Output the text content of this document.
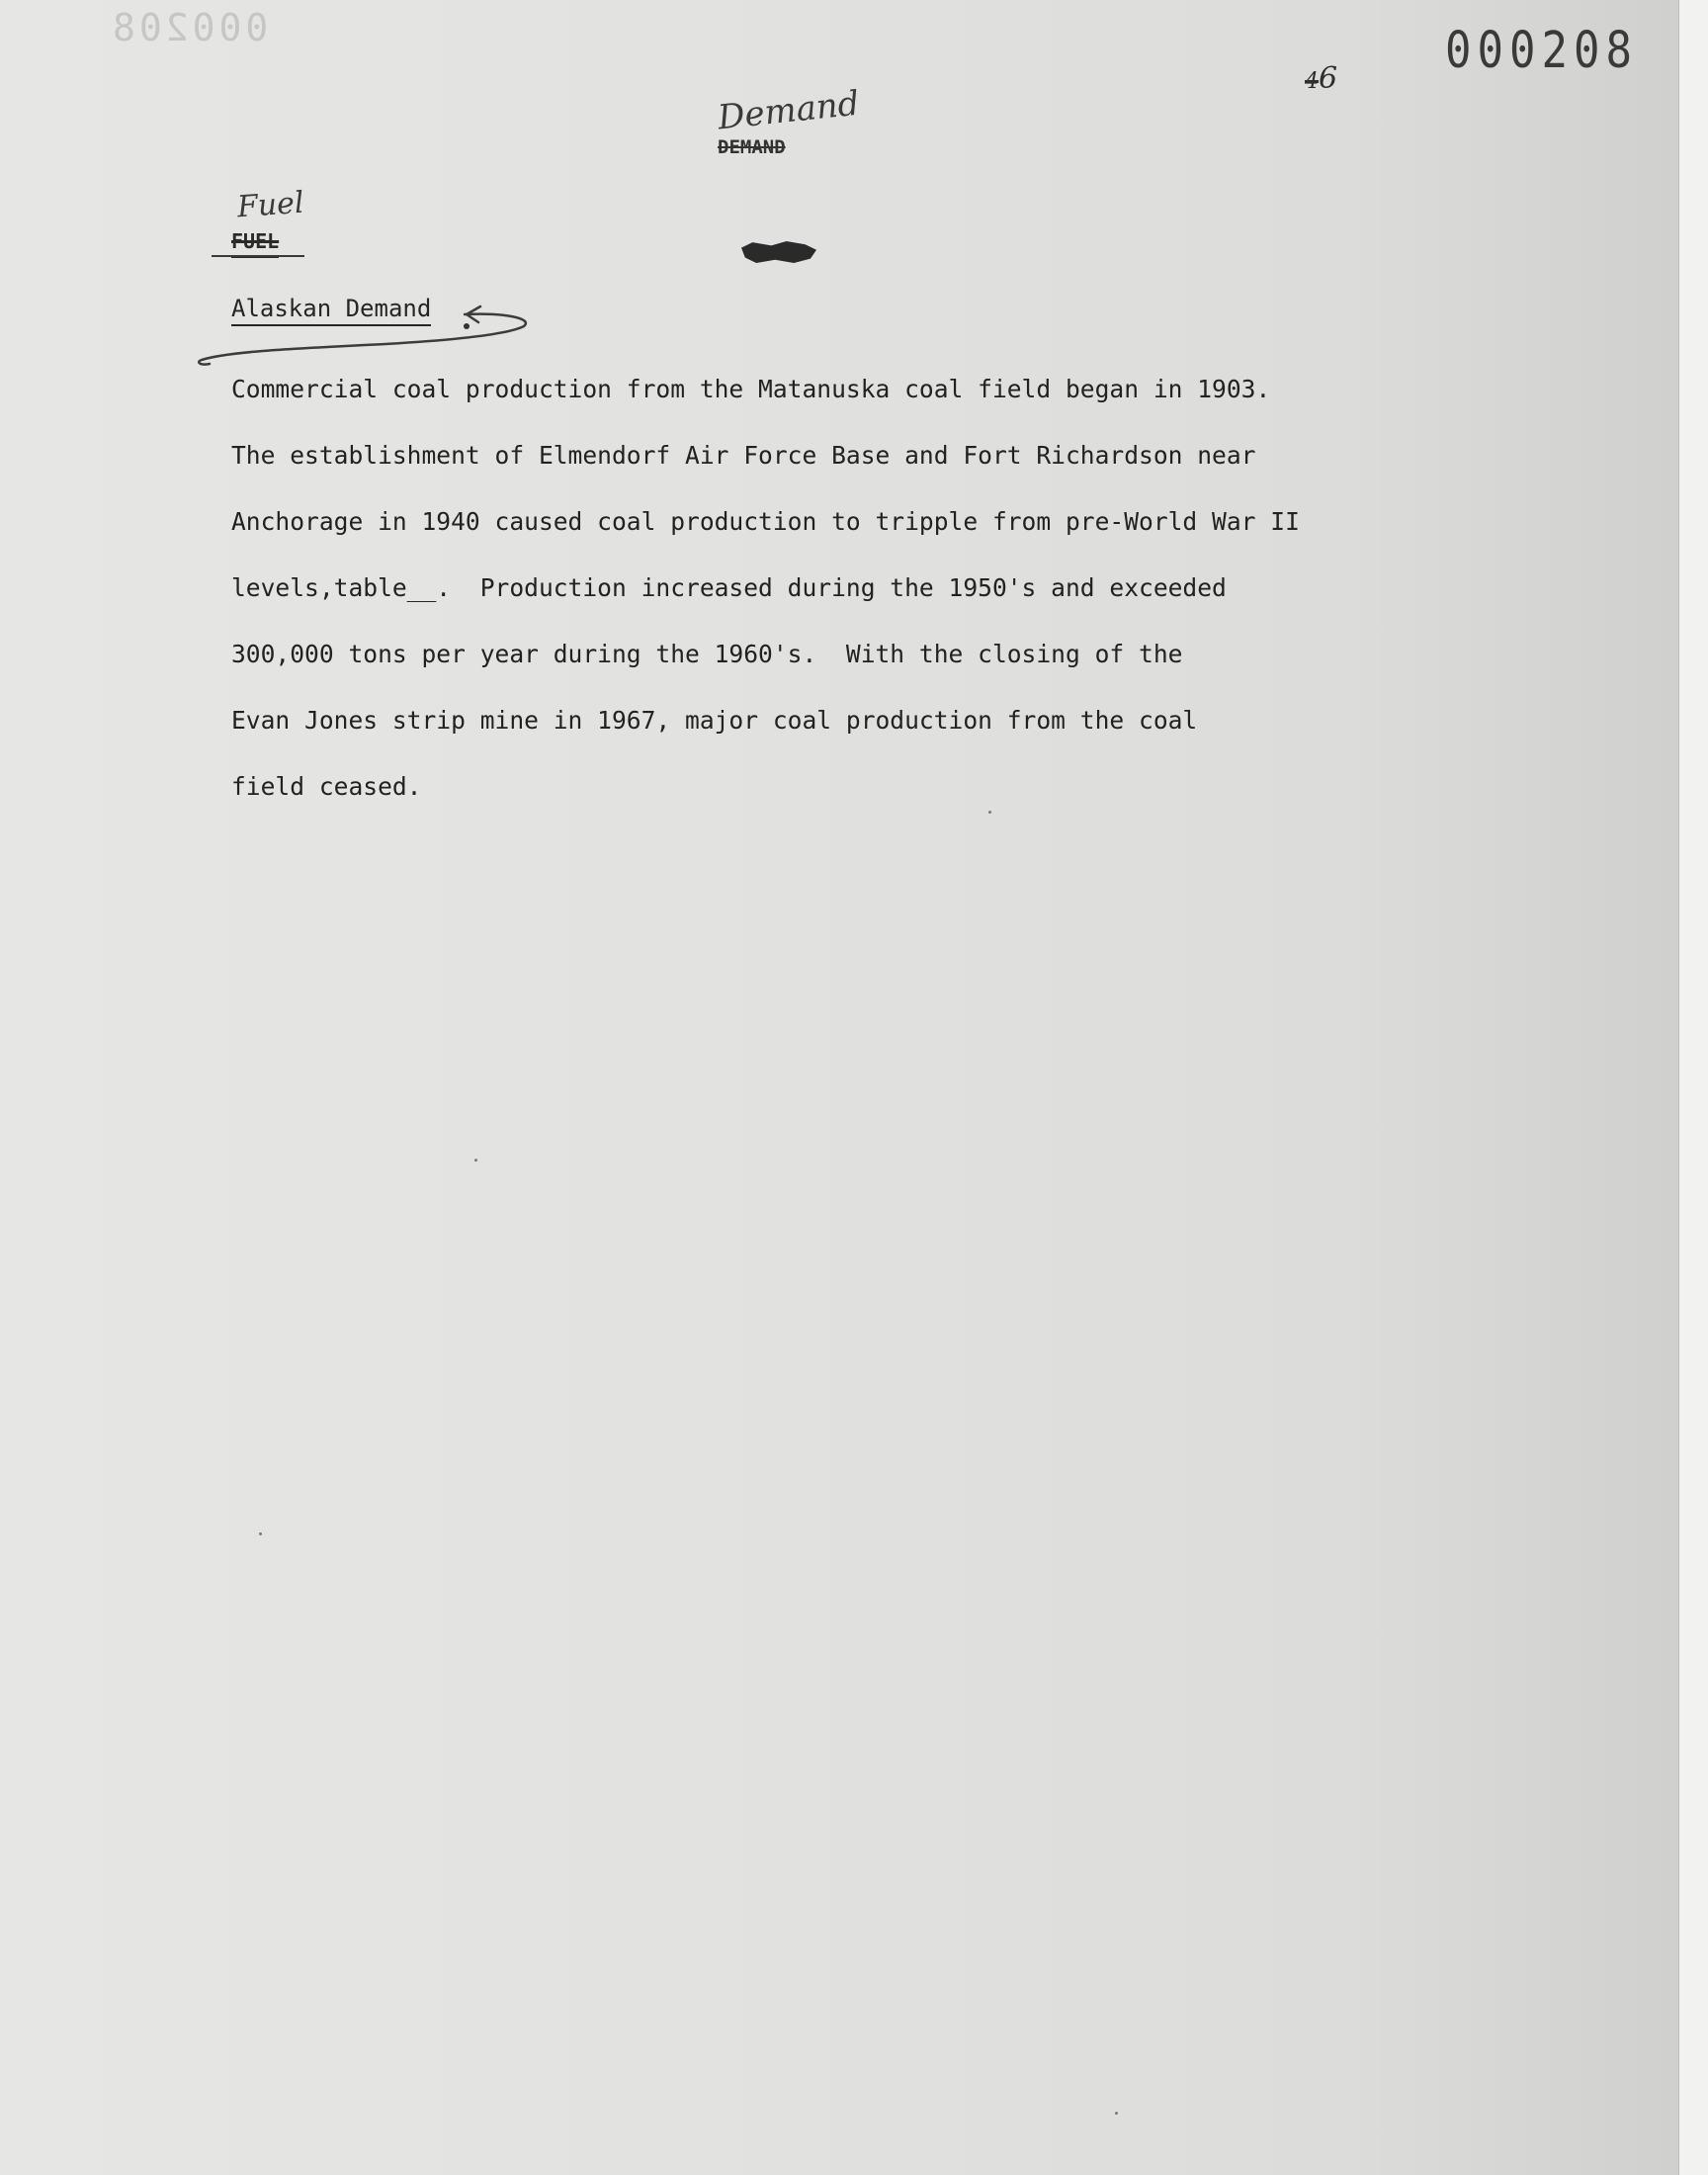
000208	000208
46
Demand
DEMAND
Fuel
FUEL
Alaskan Demand
Commercial coal production from the Matanuska coal field began in 1903.
The establishment of Elmendorf Air Force Base and Fort Richardson near
Anchorage in 1940 caused coal production to tripple from pre-World War II
levels,table__.  Production increased during the 1950's and exceeded
300,000 tons per year during the 1960's.  With the closing of the
Evan Jones strip mine in 1967, major coal production from the coal
field ceased.
